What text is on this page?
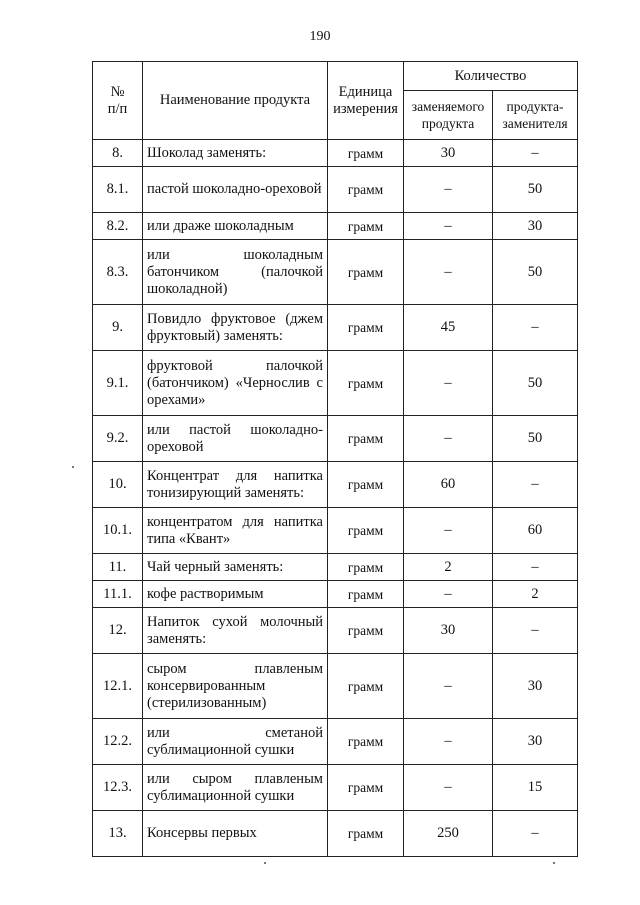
190
№
п/п	Наименование продукта	Единица измерения	Количество	
			заменяемого продукта	продукта-заменителя
8.	Шоколад заменять:	грамм	30	–
8.1.	пастой шоколадно-ореховой	грамм	–	50
8.2.	или драже шоколадным	грамм	–	30
8.3.	или шоколадным батончиком (палочкой шоколадной)	грамм	–	50
9.	Повидло фруктовое (джем фруктовый) заменять:	грамм	45	–
9.1.	фруктовой палочкой (батончиком) «Чернослив с орехами»	грамм	–	50
9.2.	или пастой шоколадно-ореховой	грамм	–	50
10.	Концентрат для напитка тонизирующий заменять:	грамм	60	–
10.1.	концентратом для напитка типа «Квант»	грамм	–	60
11.	Чай черный заменять:	грамм	2	–
11.1.	кофе растворимым	грамм	–	2
12.	Напиток сухой молочный заменять:	грамм	30	–
12.1.	сыром плавленым консервированным (стерилизованным)	грамм	–	30
12.2.	или сметаной сублимационной сушки	грамм	–	30
12.3.	или сыром плавленым сублимационной сушки	грамм	–	15
13.	Консервы первых	грамм	250	–
